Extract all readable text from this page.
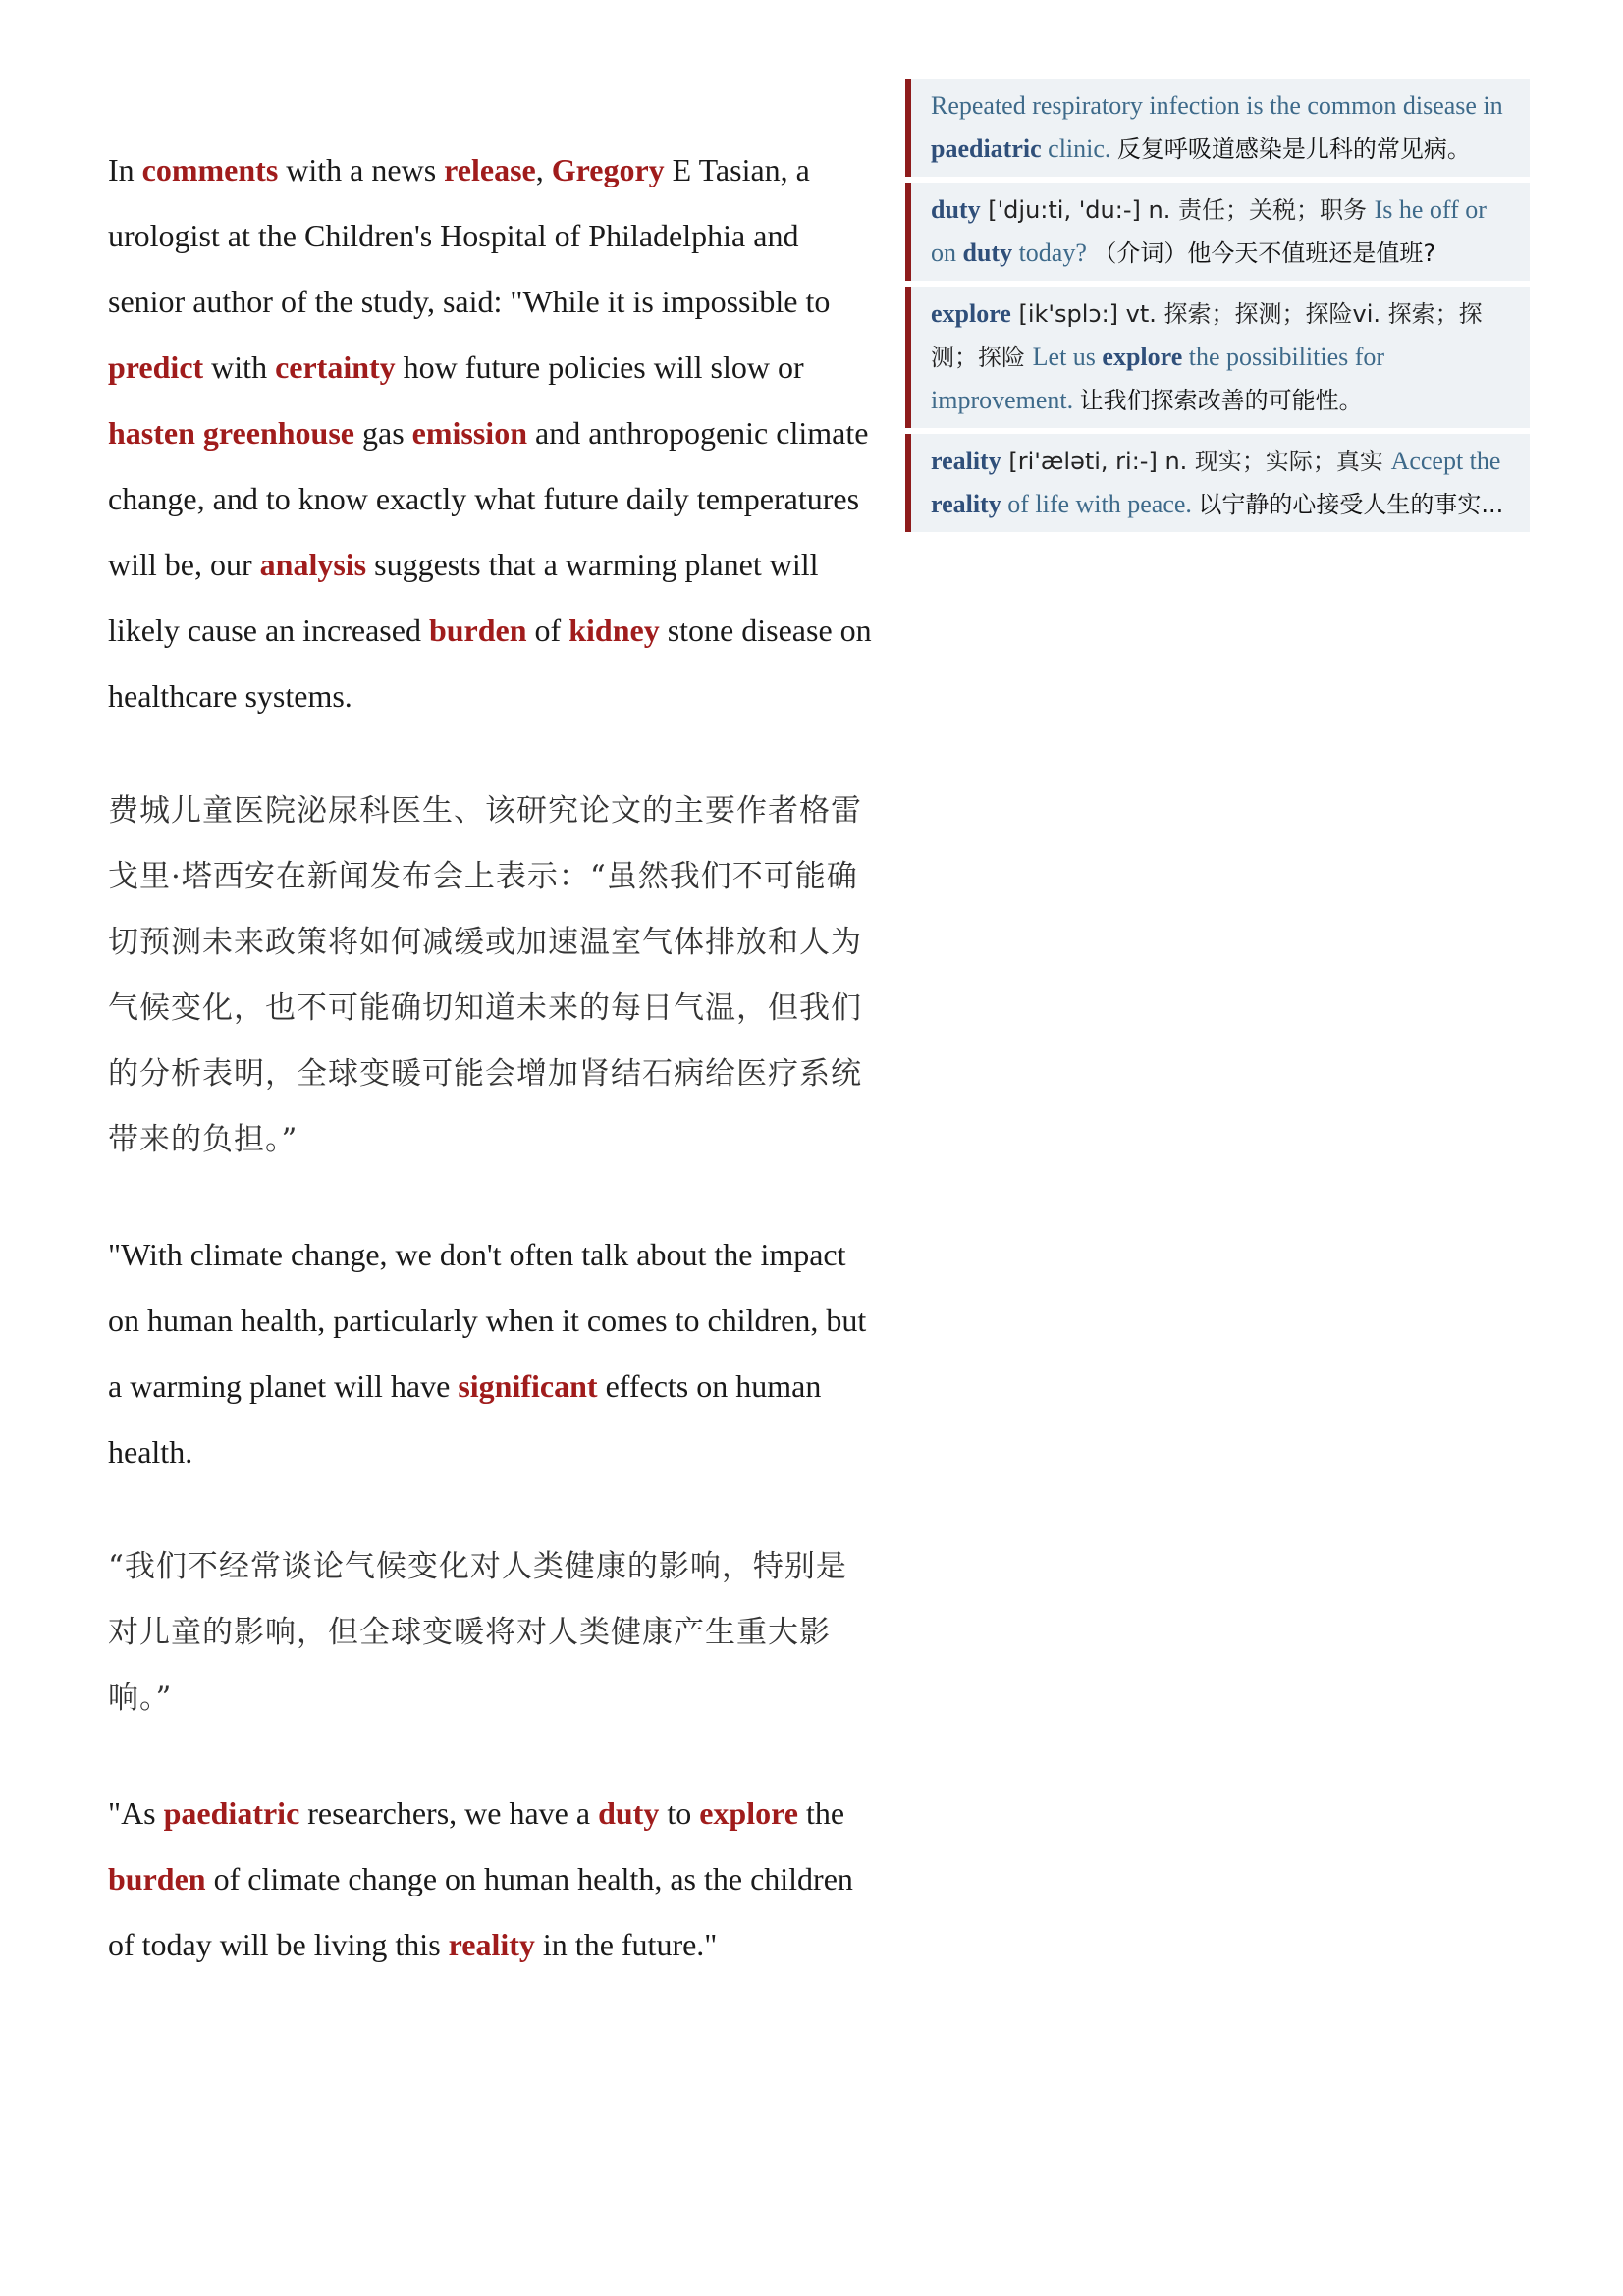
In comments with a news release, Gregory E Tasian, a urologist at the Children's Hospital of Philadelphia and senior author of the study, said: "While it is impossible to predict with certainty how future policies will slow or hasten greenhouse gas emission and anthropogenic climate change, and to know exactly what future daily temperatures will be, our analysis suggests that a warming planet will likely cause an increased burden of kidney stone disease on healthcare systems.

费城儿童医院泌尿科医生、该研究论文的主要作者格雷戈里·塔西安在新闻发布会上表示：“虽然我们不可能确切预测未来政策将如何减缓或加速温室气体排放和人为气候变化，也不可能确切知道未来的每日气温，但我们的分析表明，全球变暖可能会增加肾结石病给医疗系统带来的负担。”

"With climate change, we don't often talk about the impact on human health, particularly when it comes to children, but a warming planet will have significant effects on human health.

“我们不经常谈论气候变化对人类健康的影响，特别是对儿童的影响，但全球变暖将对人类健康产生重大影响。”

"As paediatric researchers, we have a duty to explore the burden of climate change on human health, as the children of today will be living this reality in the future."

Repeated respiratory infection is the common disease in paediatric clinic. 反复呼吸道感染是儿科的常见病。
duty ['dju:ti, 'du:-] n. 责任；关税；职务 Is he off or on duty today? （介词）他今天不值班还是值班?
explore [ik'splɔ:] vt. 探索；探测；探险vi. 探索；探测；探险 Let us explore the possibilities for improvement. 让我们探索改善的可能性。
reality [ri'æləti, ri:-] n. 现实；实际；真实 Accept the reality of life with peace. 以宁静的心接受人生的事实...
